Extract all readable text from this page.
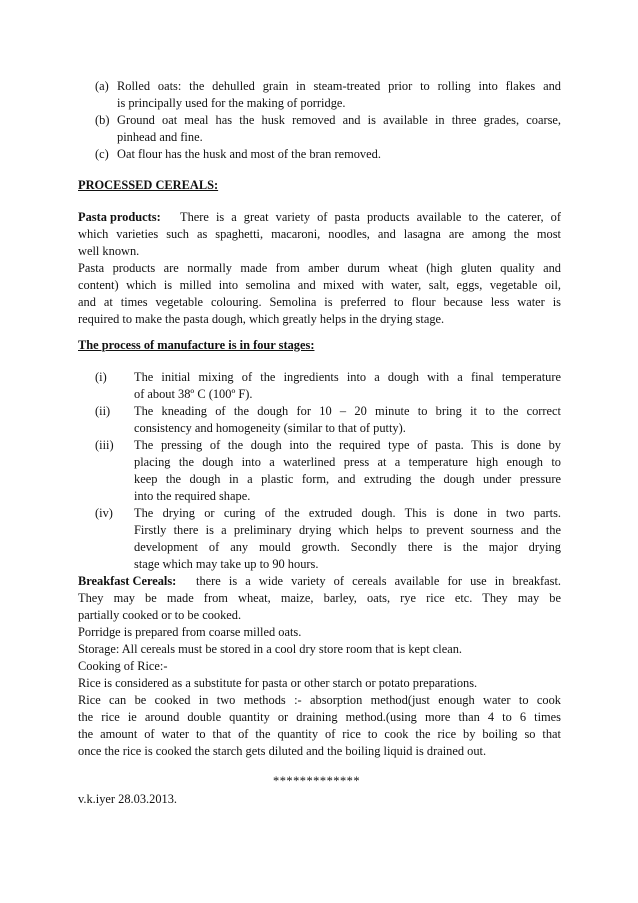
(a) Rolled oats: the dehulled grain in steam-treated prior to rolling into flakes and
is principally used for the making of porridge.
(b) Ground oat meal has the husk removed and is available in three grades, coarse,
pinhead and fine.
(c) Oat flour has the husk and most of the bran removed.
PROCESSED CEREALS:
Pasta products: There is a great variety of pasta products available to the caterer, of
which varieties such as spaghetti, macaroni, noodles, and lasagna are among the most
well known.
Pasta products are normally made from amber durum wheat (high gluten quality and
content) which is milled into semolina and mixed with water, salt, eggs, vegetable oil,
and at times vegetable colouring. Semolina is preferred to flour because less water is
required to make the pasta dough, which greatly helps in the drying stage.
The process of manufacture is in four stages:
(i) The initial mixing of the ingredients into a dough with a final temperature
of about 38º C (100º F).
(ii) The kneading of the dough for 10 – 20 minute to bring it to the correct
consistency and homogeneity (similar to that of putty).
(iii) The pressing of the dough into the required type of pasta. This is done by
placing the dough into a waterlined press at a temperature high enough to
keep the dough in a plastic form, and extruding the dough under pressure
into the required shape.
(iv) The drying or curing of the extruded dough. This is done in two parts.
Firstly there is a preliminary drying which helps to prevent sourness and the
development of any mould growth. Secondly there is the major drying
stage which may take up to 90 hours.
Breakfast Cereals: there is a wide variety of cereals available for use in breakfast.
They may be made from wheat, maize, barley, oats, rye rice etc. They may be
partially cooked or to be cooked.
Porridge is prepared from coarse milled oats.
Storage: All cereals must be stored in a cool dry store room that is kept clean.
Cooking of Rice:-
Rice is considered as a substitute for pasta or other starch or potato preparations.
Rice can be cooked in two methods :- absorption method(just enough water to cook
the rice ie around double quantity or draining method.(using more than 4 to 6 times
the amount of water to that of the quantity of rice to cook the rice by boiling so that
once the rice is cooked the starch gets diluted and the boiling liquid is drained out.
*************
v.k.iyer 28.03.2013.
